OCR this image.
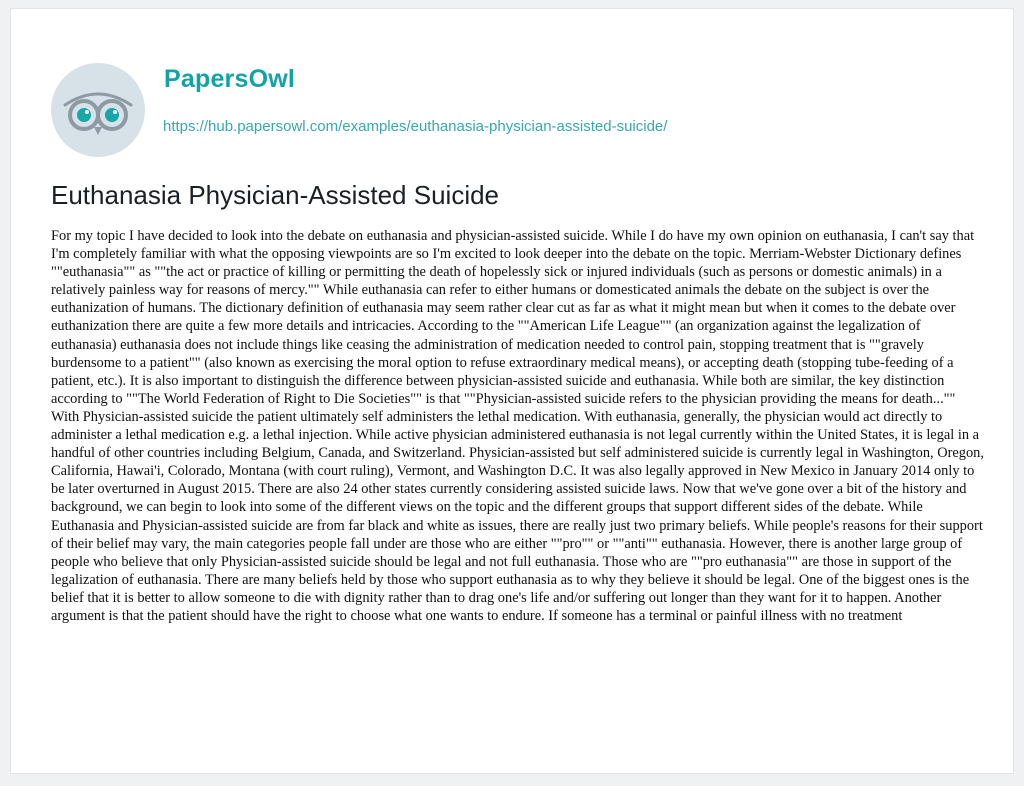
PapersOwl
https://hub.papersowl.com/examples/euthanasia-physician-assisted-suicide/
Euthanasia Physician-Assisted Suicide

For my topic I have decided to look into the debate on euthanasia and physician-assisted suicide. While I do have my own opinion on euthanasia, I can't say that I'm completely familiar with what the opposing viewpoints are so I'm excited to look deeper into the debate on the topic. Merriam-Webster Dictionary defines ""euthanasia"" as ""the act or practice of killing or permitting the death of hopelessly sick or injured individuals (such as persons or domestic animals) in a relatively painless way for reasons of mercy."" While euthanasia can refer to either humans or domesticated animals the debate on the subject is over the euthanization of humans. The dictionary definition of euthanasia may seem rather clear cut as far as what it might mean but when it comes to the debate over euthanization there are quite a few more details and intricacies. According to the ""American Life League"" (an organization against the legalization of euthanasia) euthanasia does not include things like ceasing the administration of medication needed to control pain, stopping treatment that is ""gravely burdensome to a patient"" (also known as exercising the moral option to refuse extraordinary medical means), or accepting death (stopping tube-feeding of a patient, etc.). It is also important to distinguish the difference between physician-assisted suicide and euthanasia. While both are similar, the key distinction according to ""The World Federation of Right to Die Societies"" is that ""Physician-assisted suicide refers to the physician providing the means for death..."" With Physician-assisted suicide the patient ultimately self administers the lethal medication. With euthanasia, generally, the physician would act directly to administer a lethal medication e.g. a lethal injection. While active physician administered euthanasia is not legal currently within the United States, it is legal in a handful of other countries including Belgium, Canada, and Switzerland. Physician-assisted but self administered suicide is currently legal in Washington, Oregon, California, Hawai'i, Colorado, Montana (with court ruling), Vermont, and Washington D.C. It was also legally approved in New Mexico in January 2014 only to be later overturned in August 2015. There are also 24 other states currently considering assisted suicide laws. Now that we've gone over a bit of the history and background, we can begin to look into some of the different views on the topic and the different groups that support different sides of the debate. While Euthanasia and Physician-assisted suicide are from far black and white as issues, there are really just two primary beliefs. While people's reasons for their support of their belief may vary, the main categories people fall under are those who are either ""pro"" or ""anti"" euthanasia. However, there is another large group of people who believe that only Physician-assisted suicide should be legal and not full euthanasia. Those who are ""pro euthanasia"" are those in support of the legalization of euthanasia. There are many beliefs held by those who support euthanasia as to why they believe it should be legal. One of the biggest ones is the belief that it is better to allow someone to die with dignity rather than to drag one's life and/or suffering out longer than they want for it to happen. Another argument is that the patient should have the right to choose what one wants to endure. If someone has a terminal or painful illness with no treatment
